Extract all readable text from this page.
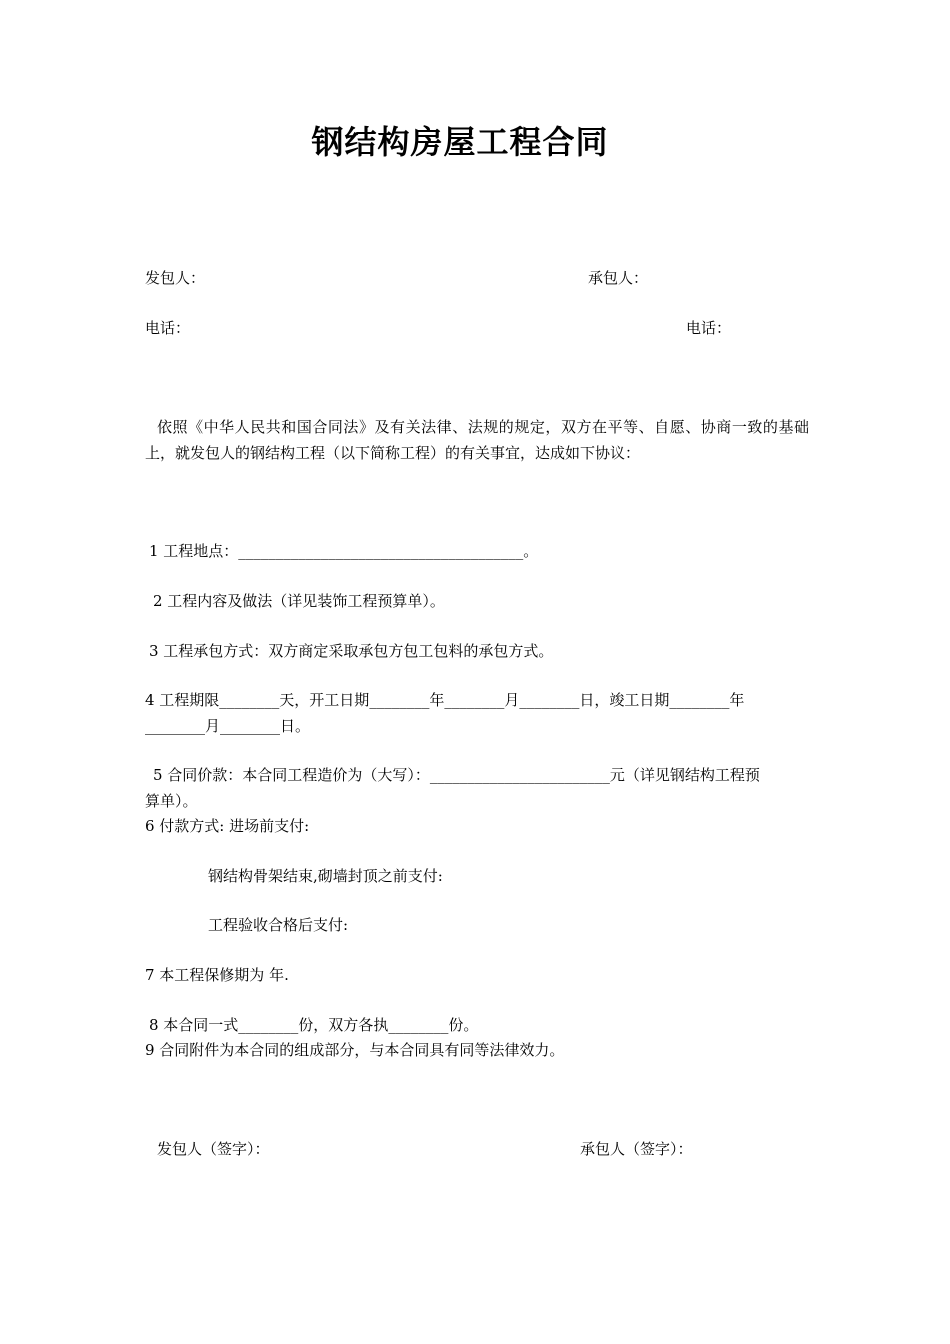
钢结构房屋工程合同
发包人：	承包人：
电话：	电话：
依照《中华人民共和国合同法》及有关法律、法规的规定，双方在平等、自愿、协商一致的基础上，就发包人的钢结构工程（以下简称工程）的有关事宜，达成如下协议：
1 工程地点：______________________________________。
2 工程内容及做法（详见装饰工程预算单）。
3 工程承包方式：双方商定采取承包方包工包料的承包方式。
4 工程期限________天，开工日期________年________月________日，竣工日期________年
________月________日。
5 合同价款：本合同工程造价为（大写）：________________________元（详见钢结构工程预
算单）。
6 付款方式: 进场前支付:
钢结构骨架结束,砌墙封顶之前支付:
工程验收合格后支付:
7 本工程保修期为 年.
8 本合同一式________份，双方各执________份。
9 合同附件为本合同的组成部分，与本合同具有同等法律效力。
发包人（签字）：	承包人（签字）：
